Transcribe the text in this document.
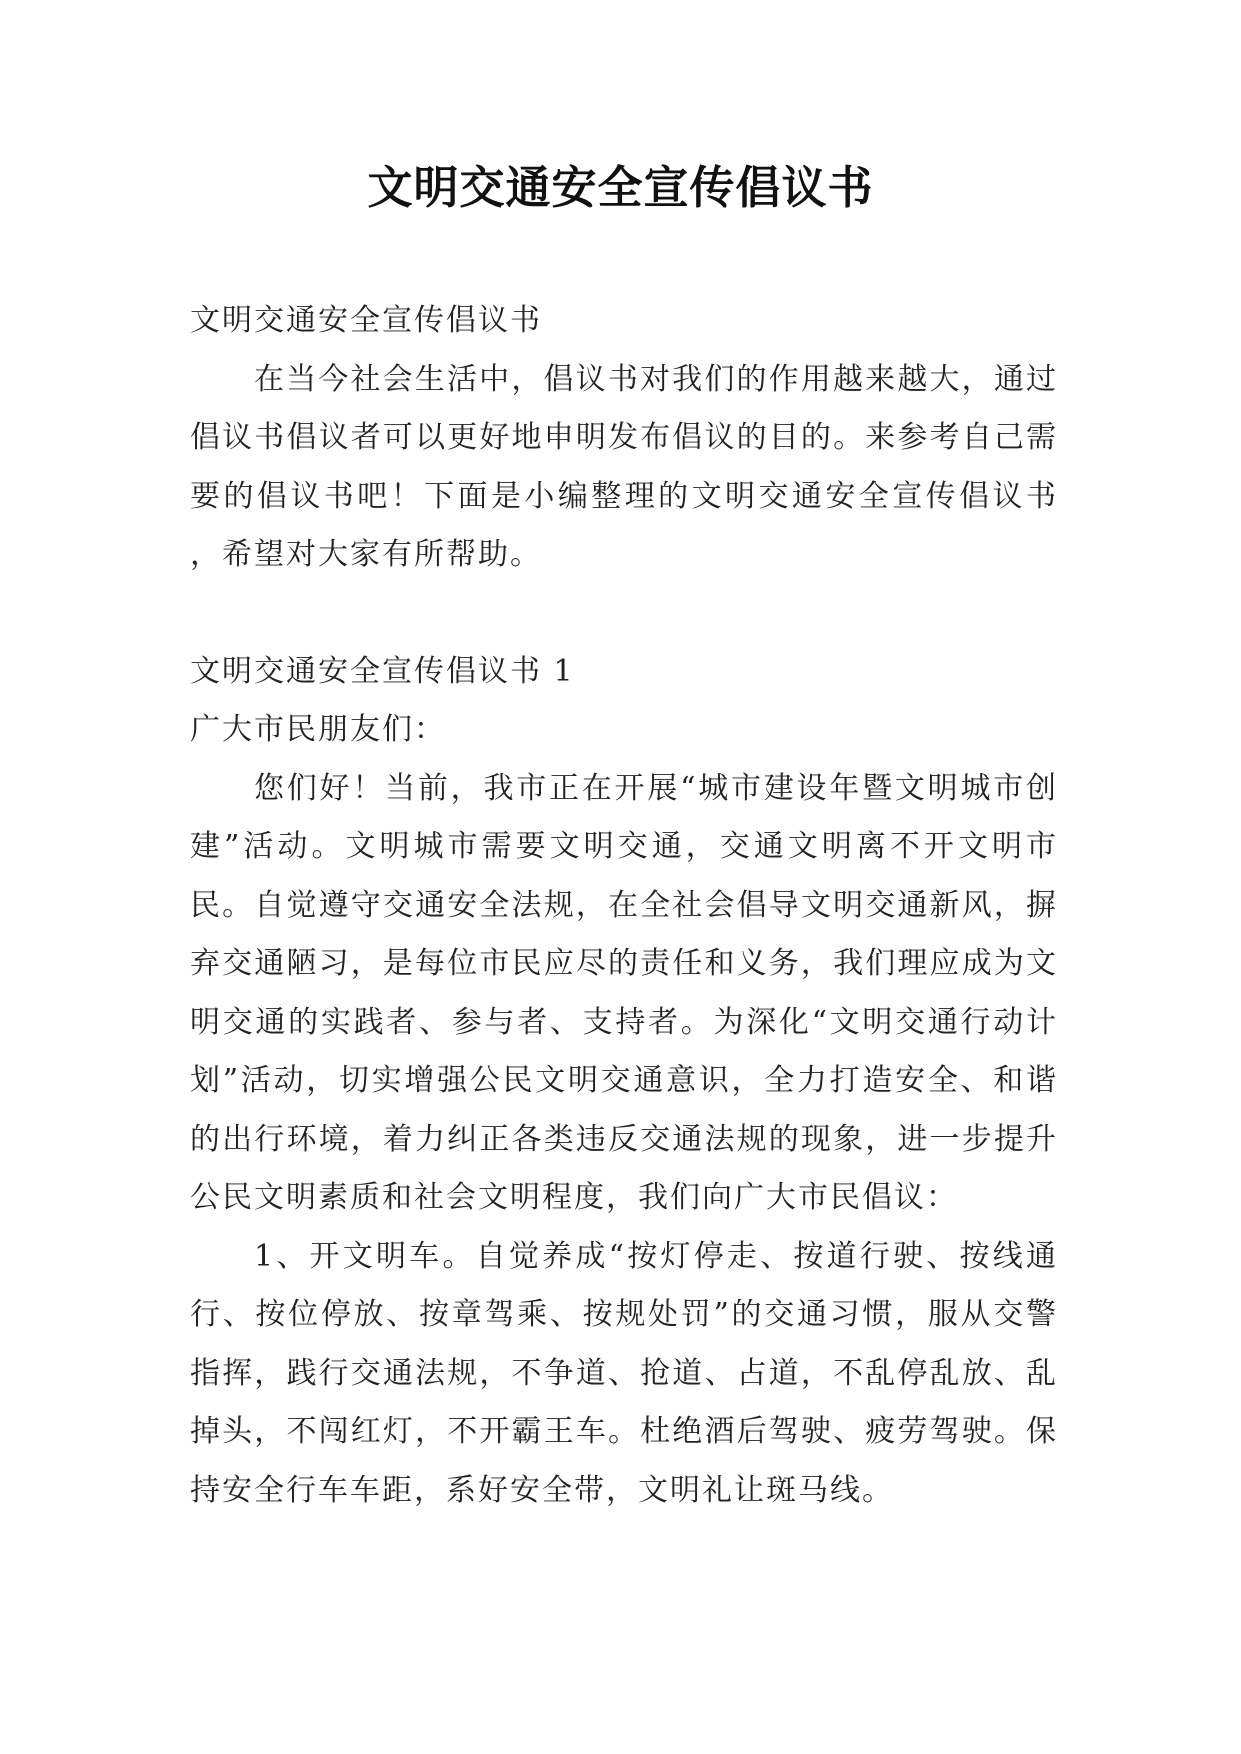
文明交通安全宣传倡议书

文明交通安全宣传倡议书

在当今社会生活中，倡议书对我们的作用越来越大，通过倡议书倡议者可以更好地申明发布倡议的目的。来参考自己需要的倡议书吧！下面是小编整理的文明交通安全宣传倡议书 ，希望对大家有所帮助。

文明交通安全宣传倡议书 1

广大市民朋友们：

您们好！当前，我市正在开展“城市建设年暨文明城市创建”活动。文明城市需要文明交通，交通文明离不开文明市民。自觉遵守交通安全法规，在全社会倡导文明交通新风，摒弃交通陋习，是每位市民应尽的责任和义务，我们理应成为文明交通的实践者、参与者、支持者。为深化“文明交通行动计划”活动，切实增强公民文明交通意识，全力打造安全、和谐的出行环境，着力纠正各类违反交通法规的现象，进一步提升公民文明素质和社会文明程度，我们向广大市民倡议：

1、开文明车。自觉养成“按灯停走、按道行驶、按线通行、按位停放、按章驾乘、按规处罚”的交通习惯，服从交警指挥，践行交通法规，不争道、抢道、占道，不乱停乱放、乱掉头，不闯红灯，不开霸王车。杜绝酒后驾驶、疲劳驾驶。保持安全行车车距，系好安全带，文明礼让斑马线。
